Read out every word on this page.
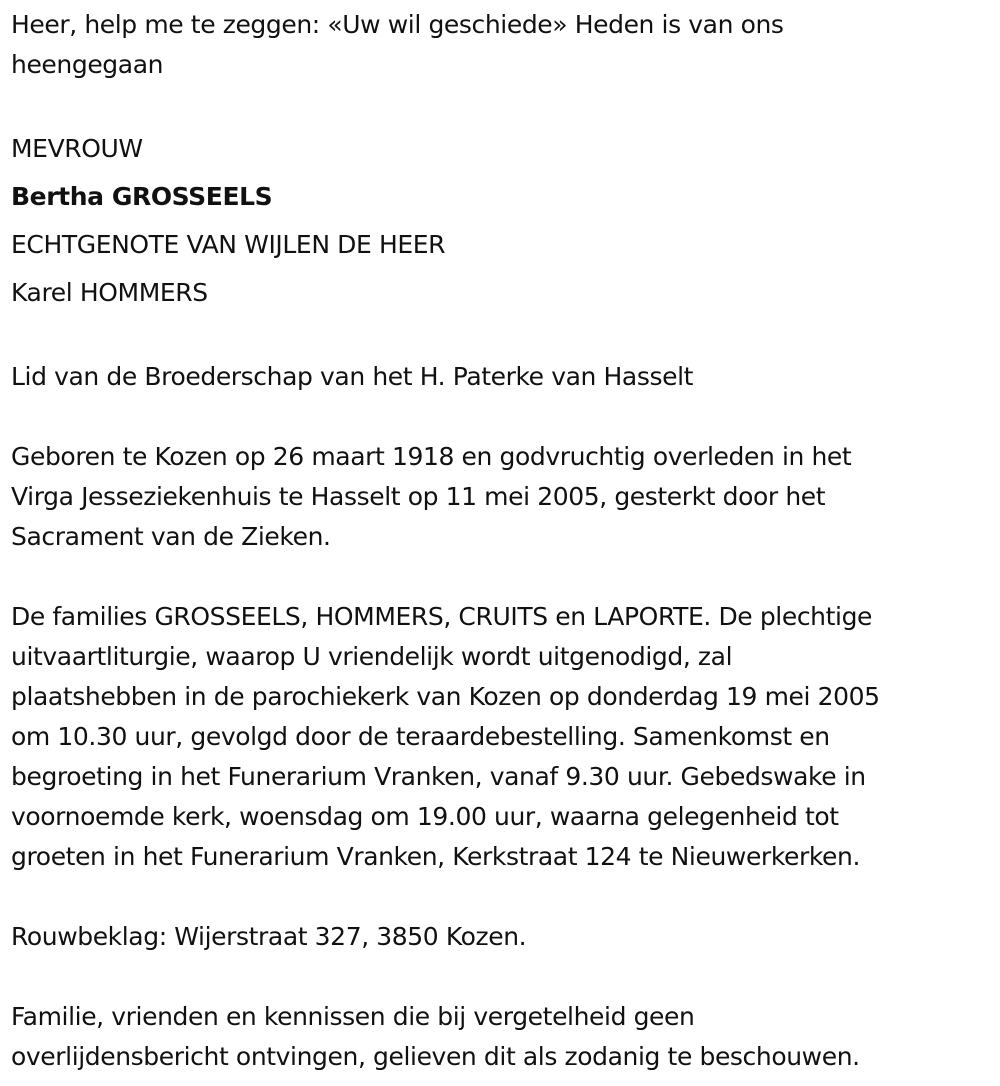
Heer, help me te zeggen: «Uw wil geschiede» Heden is van ons

heengegaan

MEVROUW

Bertha GROSSEELS

ECHTGENOTE VAN WIJLEN DE HEER

Karel HOMMERS

Lid van de Broederschap van het H. Paterke van Hasselt

Geboren te Kozen op 26 maart 1918 en godvruchtig overleden in het

Virga Jesseziekenhuis te Hasselt op 11 mei 2005, gesterkt door het

Sacrament van de Zieken.

De families GROSSEELS, HOMMERS, CRUITS en LAPORTE. De plechtige

uitvaartliturgie, waarop U vriendelijk wordt uitgenodigd, zal

plaatshebben in de parochiekerk van Kozen op donderdag 19 mei 2005

om 10.30 uur, gevolgd door de teraardebestelling. Samenkomst en

begroeting in het Funerarium Vranken, vanaf 9.30 uur. Gebedswake in

voornoemde kerk, woensdag om 19.00 uur, waarna gelegenheid tot

groeten in het Funerarium Vranken, Kerkstraat 124 te Nieuwerkerken.

Rouwbeklag: Wijerstraat 327, 3850 Kozen.

Familie, vrienden en kennissen die bij vergetelheid geen

overlijdensbericht ontvingen, gelieven dit als zodanig te beschouwen.
